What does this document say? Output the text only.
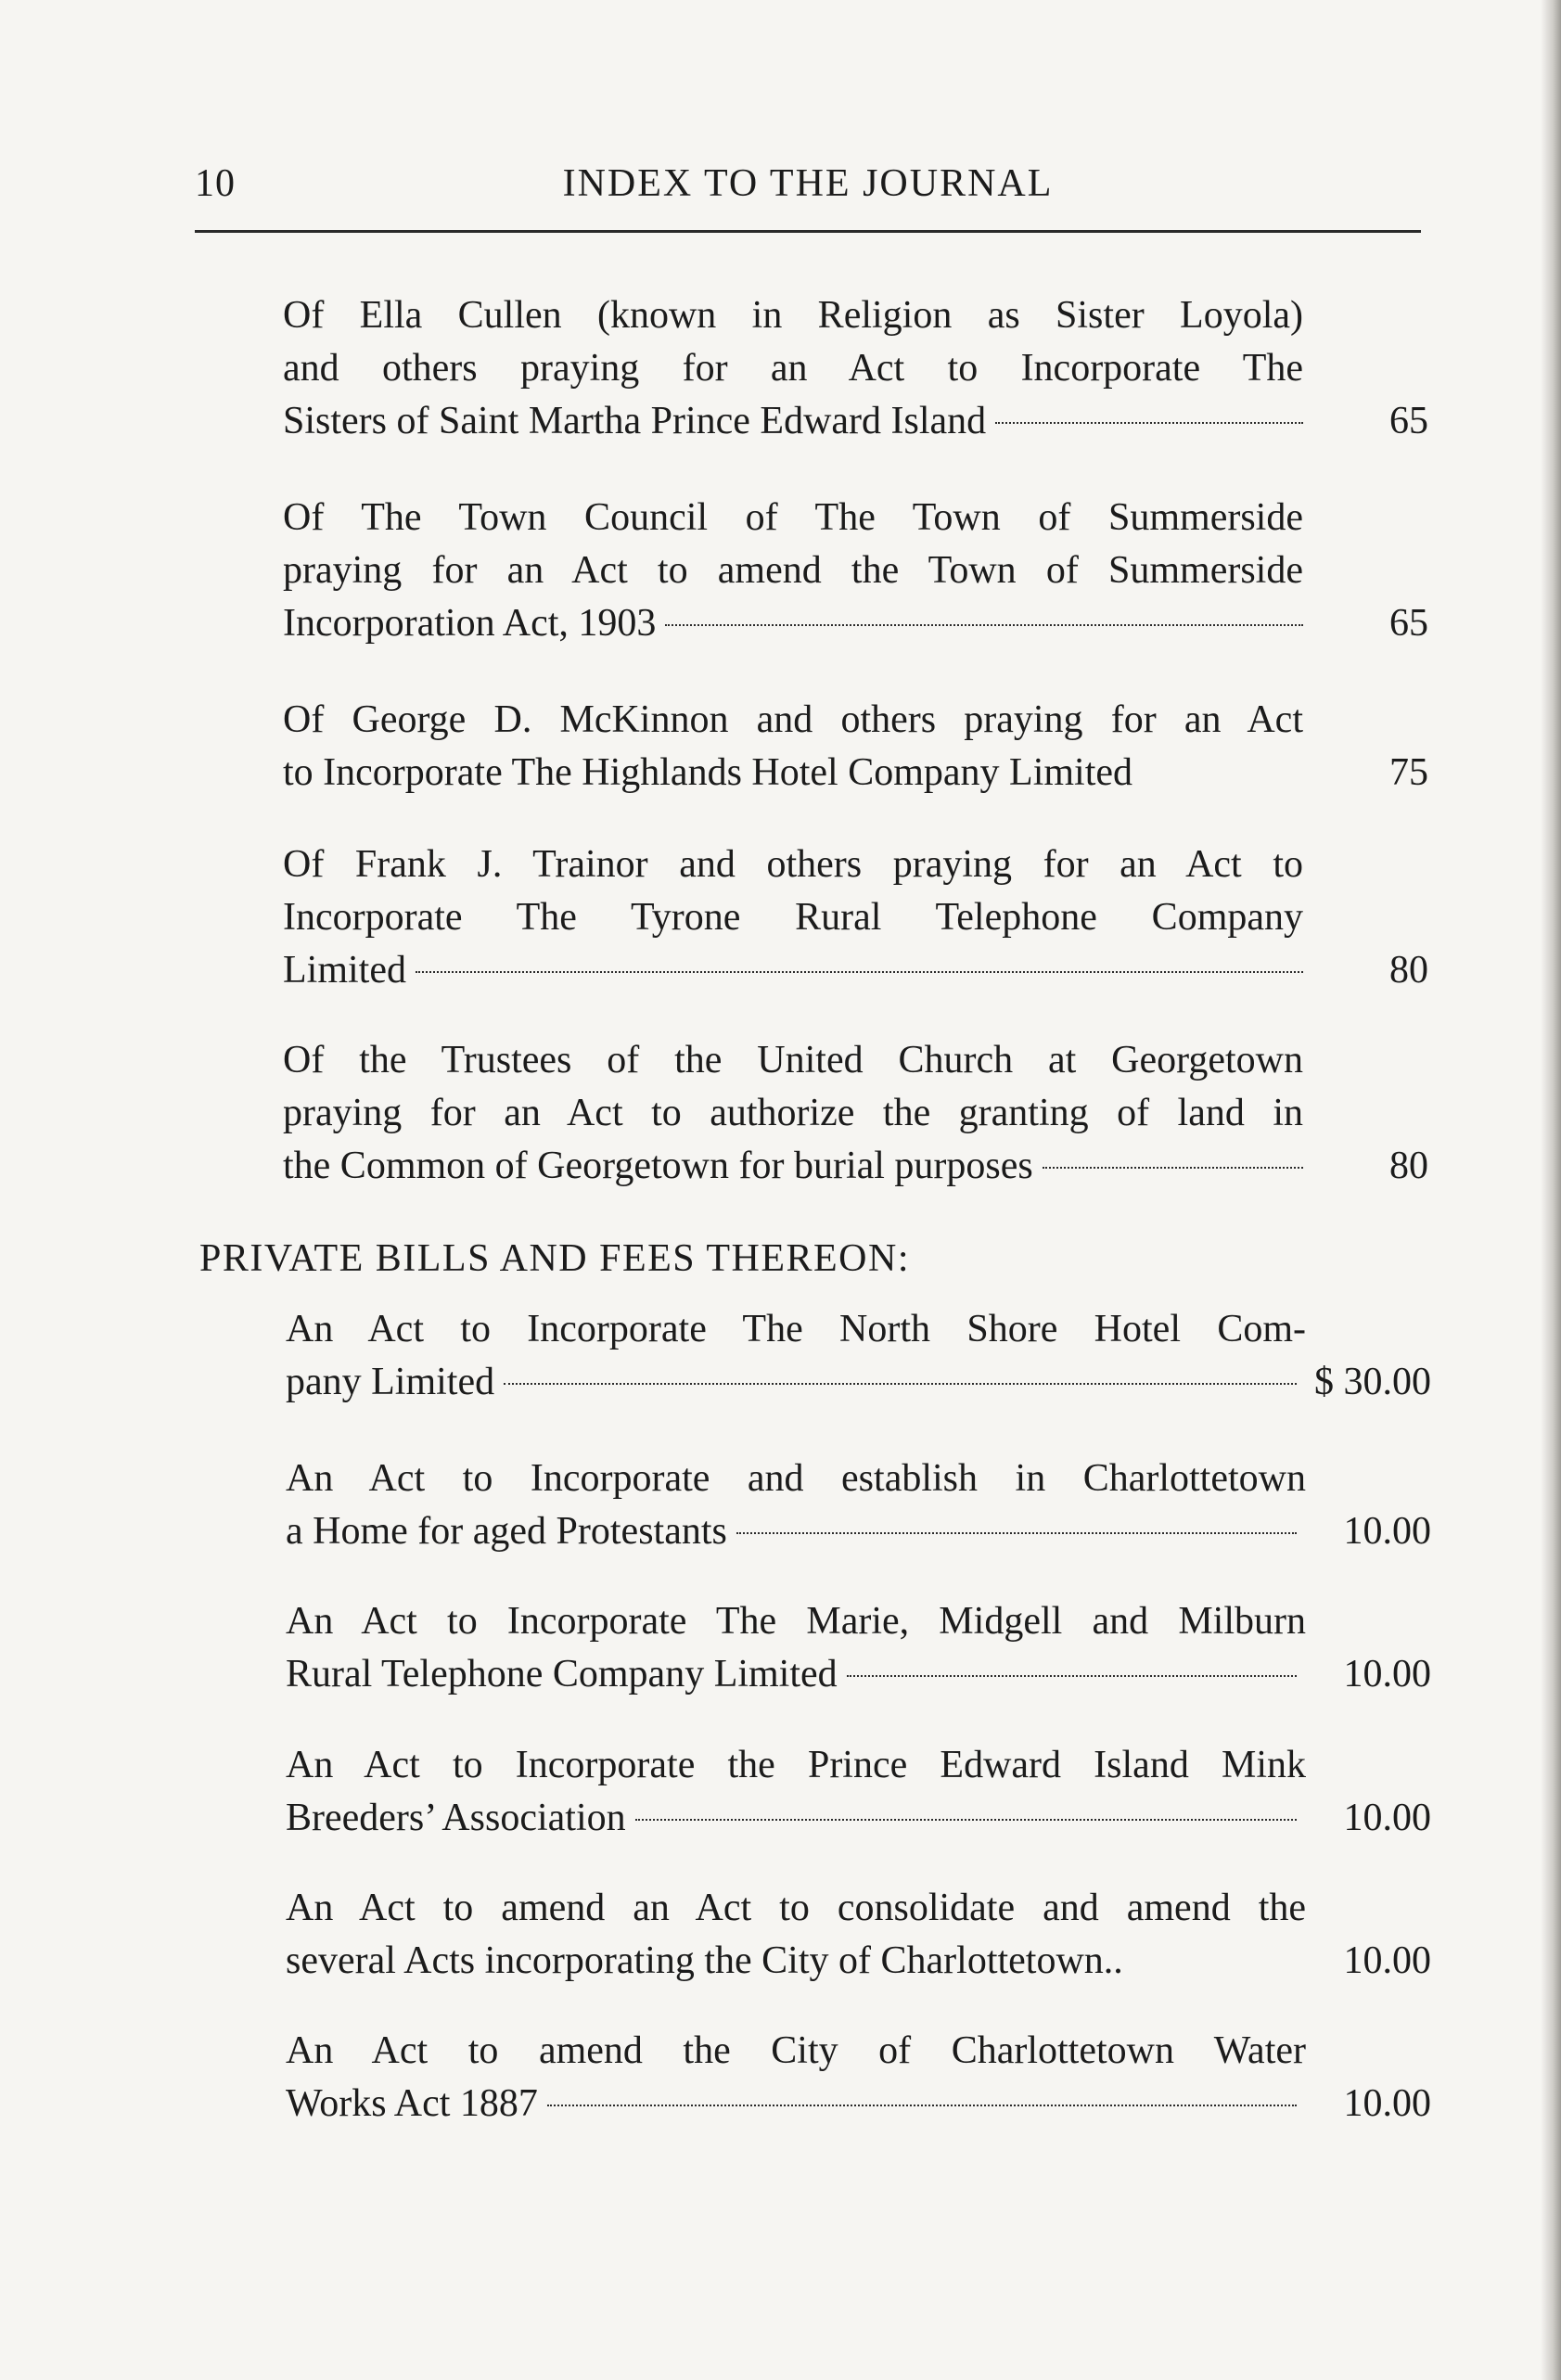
10	INDEX TO THE JOURNAL
Of Ella Cullen (known in Religion as Sister Loyola)
and others praying for an Act to Incorporate The
Sisters of Saint Martha Prince Edward Island	65
Of The Town Council of The Town of Summerside
praying for an Act to amend the Town of Summerside
Incorporation Act, 1903	65
Of George D. McKinnon and others praying for an Act
to Incorporate The Highlands Hotel Company Limited	75
Of Frank J. Trainor and others praying for an Act to
Incorporate The Tyrone Rural Telephone Company
Limited	80
Of the Trustees of the United Church at Georgetown
praying for an Act to authorize the granting of land in
the Common of Georgetown for burial purposes	80
PRIVATE BILLS AND FEES THEREON:
An Act to Incorporate The North Shore Hotel Com-
pany Limited	$ 30.00
An Act to Incorporate and establish in Charlottetown
a Home for aged Protestants	10.00
An Act to Incorporate The Marie, Midgell and Milburn
Rural Telephone Company Limited	10.00
An Act to Incorporate the Prince Edward Island Mink
Breeders’ Association	10.00
An Act to amend an Act to consolidate and amend the
several Acts incorporating the City of Charlottetown..	10.00
An Act to amend the City of Charlottetown Water
Works Act 1887	10.00
